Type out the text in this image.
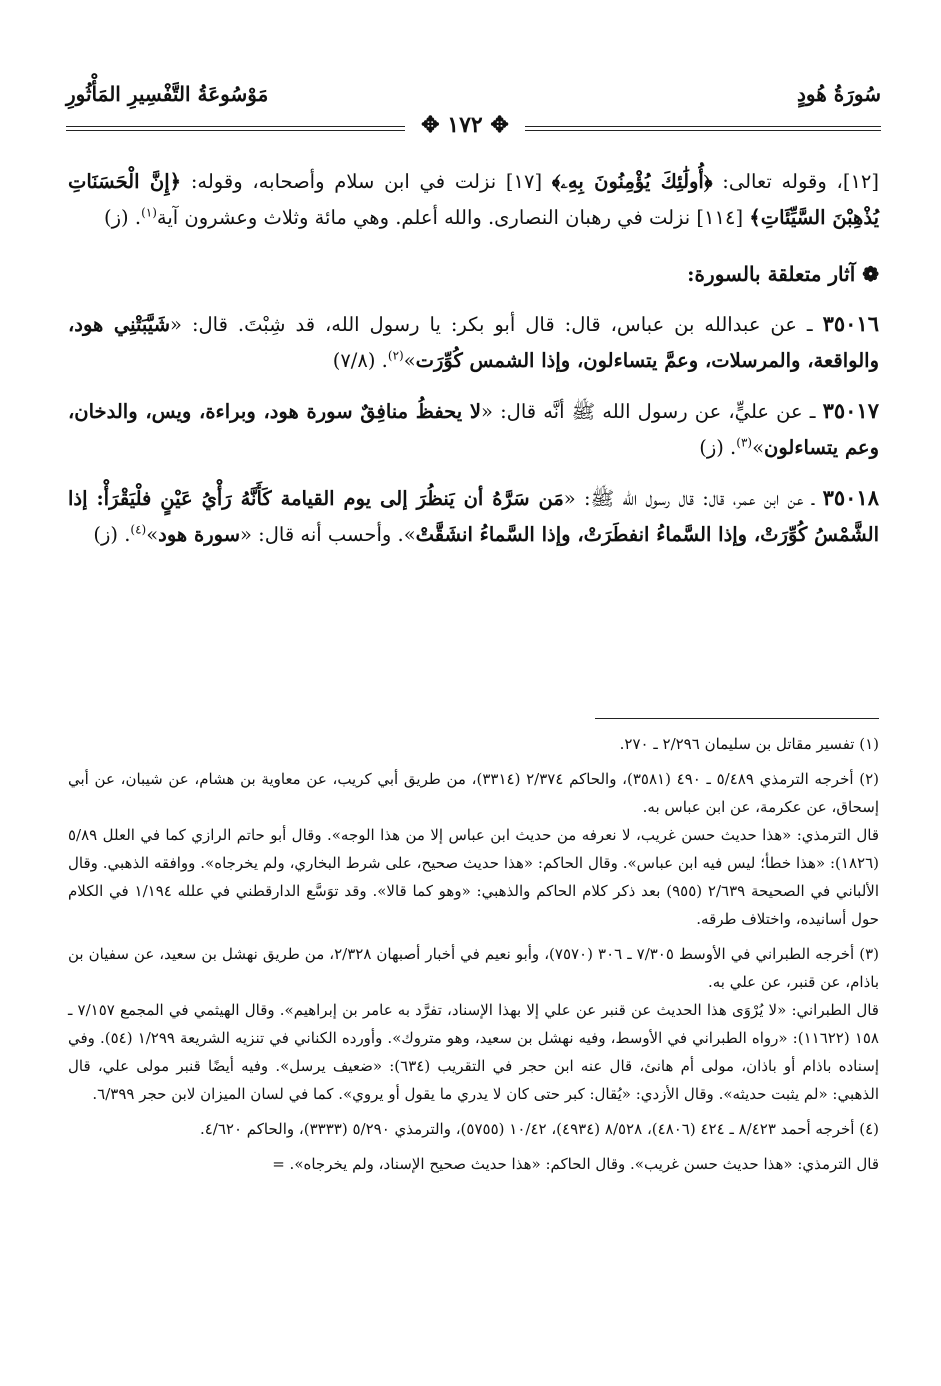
سُورَةُ هُودٍ
مَوْسُوعَةُ التَّفْسِيرِ المَأْثُورِ
✥ ١٧٢ ✥

[١٢]، وقوله تعالى: ﴿أُولَٰئِكَ يُؤْمِنُونَ بِهِۦ﴾ [١٧] نزلت في ابن سلام وأصحابه، وقوله: ﴿إِنَّ الْحَسَنَاتِ يُذْهِبْنَ السَّيِّئَاتِ﴾ [١١٤] نزلت في رهبان النصارى. والله أعلم. وهي مائة وثلاث وعشرون آية$^{(١)}$. (ز)

❁ آثار متعلقة بالسورة:

٣٥٠١٦ ـ عن عبدالله بن عباس، قال: قال أبو بكر: يا رسول الله، قد شِبْتَ. قال: «شَيَّبَتْنِي هود، والواقعة، والمرسلات، وعمَّ يتساءلون، وإذا الشمس كُوِّرَت»$^{(٢)}$. (٧/٨)

٣٥٠١٧ ـ عن عليٍّ، عن رسول الله ﷺ أنَّه قال: «لا يحفظُ منافِقٌ سورة هود، وبراءة، ويس، والدخان، وعم يتساءلون»$^{(٣)}$. (ز)

٣٥٠١٨ ـ عن ابن عمر، قال: قال رسول الله ﷺ: «مَن سَرَّهُ أن يَنظُرَ إلى يوم القيامة كَأَنَّهُ رَأْيُ عَيْنٍ فلْيَقْرَأْ: إذا الشَّمْسُ كُوِّرَتْ، وإذا السَّماءُ انفطَرَتْ، وإذا السَّماءُ انشَقَّتْ». وأحسب أنه قال: «سورة هود»$^{(٤)}$. (ز)

(١) تفسير مقاتل بن سليمان ٢/٢٩٦ ـ ٢٧٠.

(٢) أخرجه الترمذي ٥/٤٨٩ ـ ٤٩٠ (٣٥٨١)، والحاكم ٢/٣٧٤ (٣٣١٤)، من طريق أبي كريب، عن معاوية بن هشام، عن شيبان، عن أبي إسحاق، عن عكرمة، عن ابن عباس به.

قال الترمذي: «هذا حديث حسن غريب، لا نعرفه من حديث ابن عباس إلا من هذا الوجه». وقال أبو حاتم الرازي كما في العلل ٥/٨٩ (١٨٢٦): «هذا خطأ؛ ليس فيه ابن عباس». وقال الحاكم: «هذا حديث صحيح، على شرط البخاري، ولم يخرجاه». ووافقه الذهبي. وقال الألباني في الصحيحة ٢/٦٣٩ (٩٥٥) بعد ذكر كلام الحاكم والذهبي: «وهو كما قالا». وقد توَسَّع الدارقطني في علله ١/١٩٤ في الكلام حول أسانيده، واختلاف طرقه.

(٣) أخرجه الطبراني في الأوسط ٧/٣٠٥ ـ ٣٠٦ (٧٥٧٠)، وأبو نعيم في أخبار أصبهان ٢/٣٢٨، من طريق نهشل بن سعيد، عن سفيان بن باذام، عن قنبر، عن علي به.

قال الطبراني: «لا يُرْوَى هذا الحديث عن قنبر عن علي إلا بهذا الإسناد، تفرَّد به عامر بن إبراهيم». وقال الهيثمي في المجمع ٧/١٥٧ ـ ١٥٨ (١١٦٢٢): «رواه الطبراني في الأوسط، وفيه نهشل بن سعيد، وهو متروك». وأورده الكناني في تنزيه الشريعة ١/٢٩٩ (٥٤). وفي إسناده باذام أو باذان، مولى أم هانئ، قال عنه ابن حجر في التقريب (٦٣٤): «ضعيف يرسل». وفيه أيضًا قنبر مولى علي، قال الذهبي: «لم يثبت حديثه». وقال الأزدي: «يُقال: كبر حتى كان لا يدري ما يقول أو يروي». كما في لسان الميزان لابن حجر ٦/٣٩٩.

(٤) أخرجه أحمد ٨/٤٢٣ ـ ٤٢٤ (٤٨٠٦)، ٨/٥٢٨ (٤٩٣٤)، ١٠/٤٢ (٥٧٥٥)، والترمذي ٥/٢٩٠ (٣٣٣٣)، والحاكم ٤/٦٢٠.

قال الترمذي: «هذا حديث حسن غريب». وقال الحاكم: «هذا حديث صحيح الإسناد، ولم يخرجاه». =
